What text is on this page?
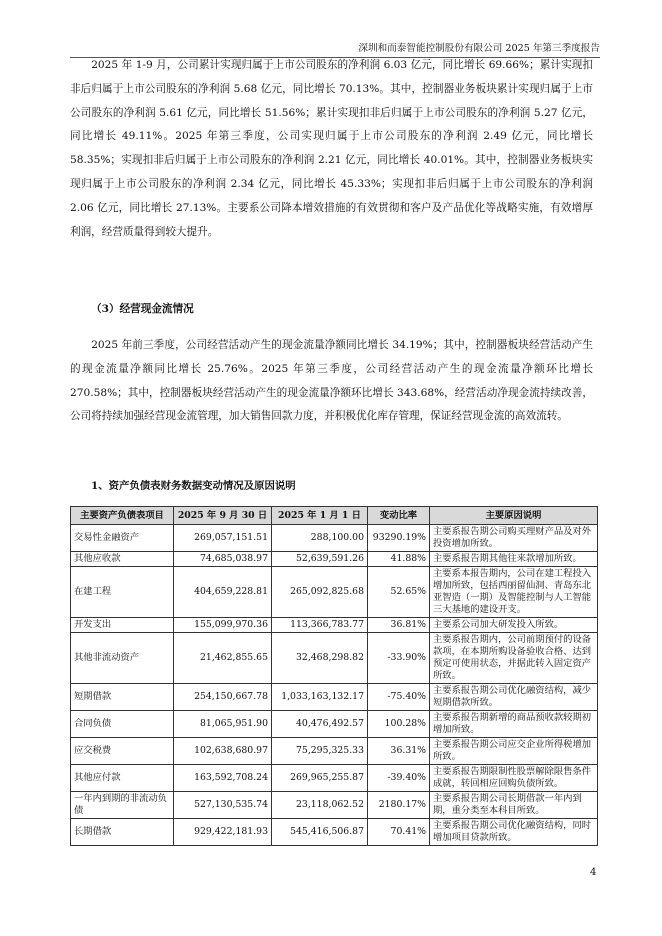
深圳和而泰智能控制股份有限公司 2025 年第三季度报告

2025 年 1-9 月，公司累计实现归属于上市公司股东的净利润 6.03 亿元，同比增长 69.66%；累计实现扣非后归属于上市公司股东的净利润 5.68 亿元，同比增长 70.13%。其中，控制器业务板块累计实现归属于上市公司股东的净利润 5.61 亿元，同比增长 51.56%；累计实现扣非后归属于上市公司股东的净利润 5.27 亿元，同比增长 49.11%。2025 年第三季度，公司实现归属于上市公司股东的净利润 2.49 亿元，同比增长 58.35%；实现扣非后归属于上市公司股东的净利润 2.21 亿元，同比增长 40.01%。其中，控制器业务板块实现归属于上市公司股东的净利润 2.34 亿元，同比增长 45.33%；实现扣非后归属于上市公司股东的净利润 2.06 亿元，同比增长 27.13%。主要系公司降本增效措施的有效贯彻和客户及产品优化等战略实施，有效增厚利润，经营质量得到较大提升。

（3）经营现金流情况

2025 年前三季度，公司经营活动产生的现金流量净额同比增长 34.19%；其中，控制器板块经营活动产生的现金流量净额同比增长 25.76%。2025 年第三季度，公司经营活动产生的现金流量净额环比增长 270.58%；其中，控制器板块经营活动产生的现金流量净额环比增长 343.68%，经营活动净现金流持续改善，公司将持续加强经营现金流管理，加大销售回款力度，并积极优化库存管理，保证经营现金流的高效流转。

1、资产负债表财务数据变动情况及原因说明
主要资产负债表项目	2025 年 9 月 30 日	2025 年 1 月 1 日	变动比率	主要原因说明
交易性金融资产	269,057,151.51	288,100.00	93290.19%	主要系报告期公司购买理财产品及对外投资增加所致。
其他应收款	74,685,038.97	52,639,591.26	41.88%	主要系报告期其他往来款增加所致。
在建工程	404,659,228.81	265,092,825.68	52.65%	主要系本报告期内，公司在建工程投入增加所致，包括西丽留仙洞、青岛东北亚智造（一期）及智能控制与人工智能三大基地的建设开支。
开发支出	155,099,970.36	113,366,783.77	36.81%	主要系公司加大研发投入所致。
其他非流动资产	21,462,855.65	32,468,298.82	-33.90%	主要系报告期内，公司前期预付的设备款项，在本期所购设备验收合格、达到预定可使用状态，并据此转入固定资产所致。
短期借款	254,150,667.78	1,033,163,132.17	-75.40%	主要系报告期公司优化融资结构，减少短期借款所致。
合同负债	81,065,951.90	40,476,492.57	100.28%	主要系报告期新增的商品预收款较期初增加所致。
应交税费	102,638,680.97	75,295,325.33	36.31%	主要系报告期公司应交企业所得税增加所致。
其他应付款	163,592,708.24	269,965,255.87	-39.40%	主要系报告期限制性股票解除限售条件成就，转回相应回购负债所致。
一年内到期的非流动负债	527,130,535.74	23,118,062.52	2180.17%	主要系报告期公司长期借款一年内到期，重分类至本科目所致。
长期借款	929,422,181.93	545,416,506.87	70.41%	主要系报告期公司优化融资结构，同时增加项目贷款所致。
4
